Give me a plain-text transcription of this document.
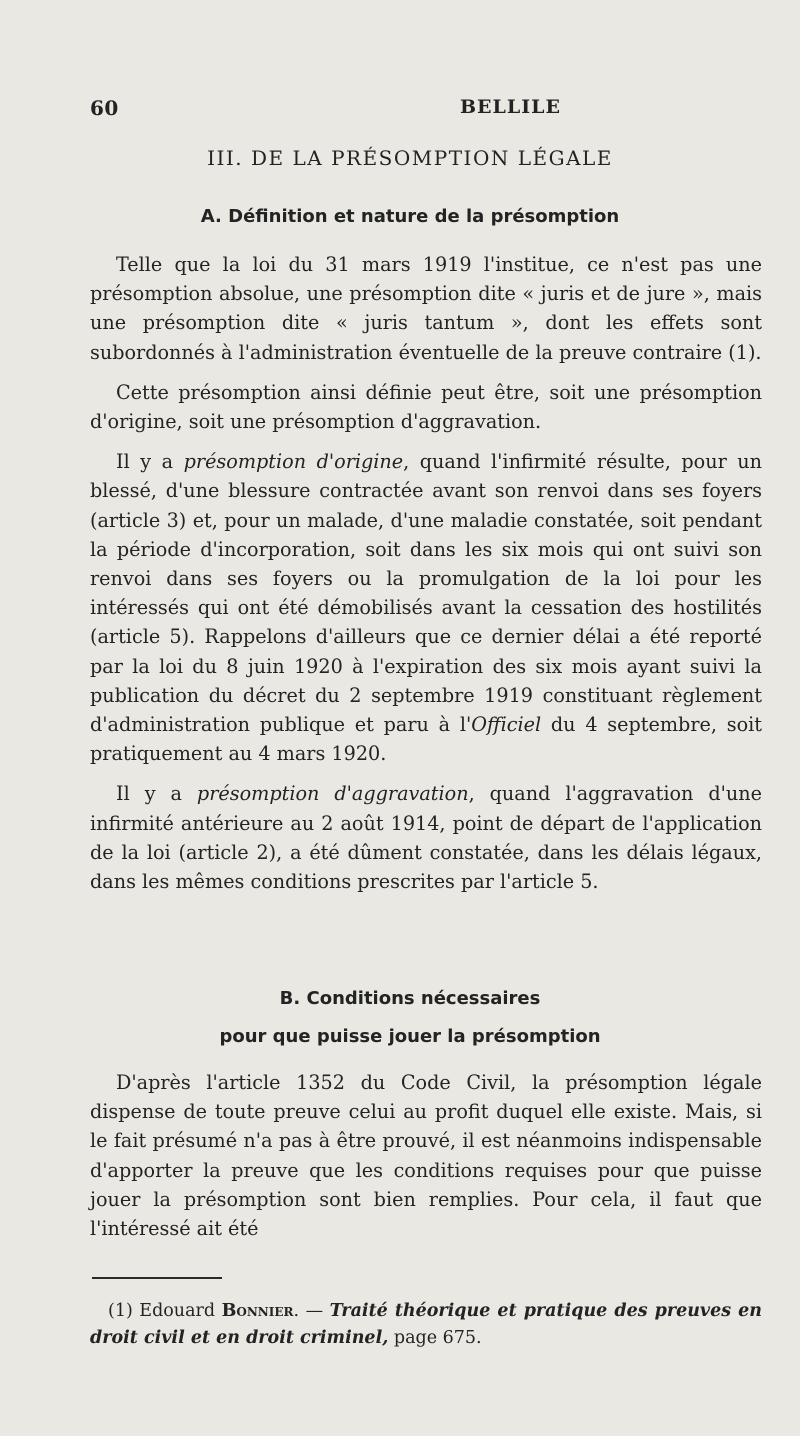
60	BELLILE
III. DE LA PRÉSOMPTION LÉGALE
A. Définition et nature de la présomption

Telle que la loi du 31 mars 1919 l'institue, ce n'est pas une présomption absolue, une présomption dite « juris et de jure », mais une présomption dite « juris tantum », dont les effets sont subordonnés à l'administration éventuelle de la preuve contraire (1).

Cette présomption ainsi définie peut être, soit une présomption d'origine, soit une présomption d'aggravation.

Il y a présomption d'origine, quand l'infirmité résulte, pour un blessé, d'une blessure contractée avant son renvoi dans ses foyers (article 3) et, pour un malade, d'une maladie constatée, soit pendant la période d'incorporation, soit dans les six mois qui ont suivi son renvoi dans ses foyers ou la promulgation de la loi pour les intéressés qui ont été démobilisés avant la cessation des hostilités (article 5). Rappelons d'ailleurs que ce dernier délai a été reporté par la loi du 8 juin 1920 à l'expiration des six mois ayant suivi la publication du décret du 2 septembre 1919 constituant règlement d'administration publique et paru à l'Officiel du 4 septembre, soit pratiquement au 4 mars 1920.

Il y a présomption d'aggravation, quand l'aggravation d'une infirmité antérieure au 2 août 1914, point de départ de l'application de la loi (article 2), a été dûment constatée, dans les délais légaux, dans les mêmes conditions prescrites par l'article 5.

B. Conditions nécessaires
pour que puisse jouer la présomption

D'après l'article 1352 du Code Civil, la présomption légale dispense de toute preuve celui au profit duquel elle existe. Mais, si le fait présumé n'a pas à être prouvé, il est néanmoins indispensable d'apporter la preuve que les conditions requises pour que puisse jouer la présomption sont bien remplies. Pour cela, il faut que l'intéressé ait été

(1) Edouard Bonnier. — Traité théorique et pratique des preuves en droit civil et en droit criminel, page 675.
